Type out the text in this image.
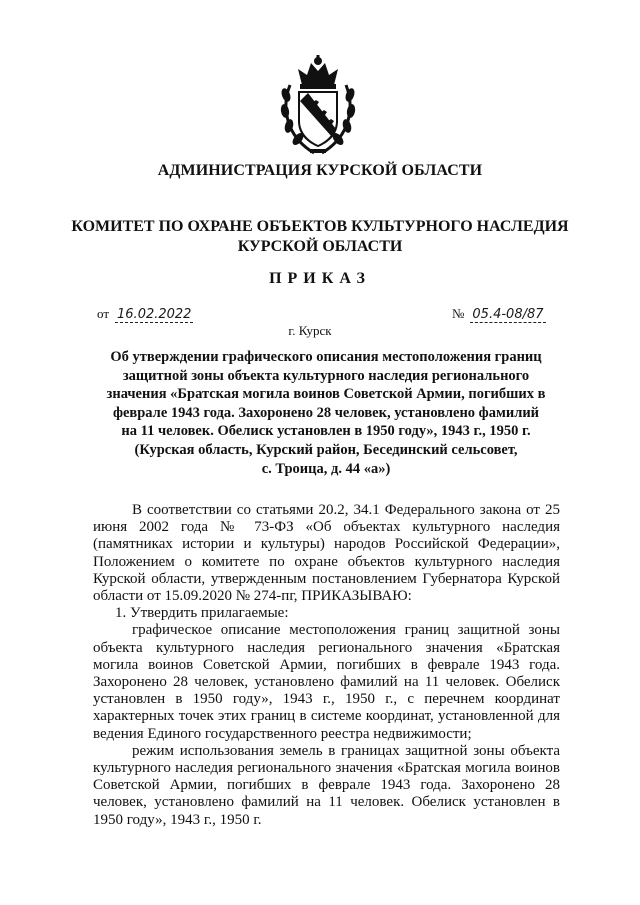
АДМИНИСТРАЦИЯ КУРСКОЙ ОБЛАСТИ
КОМИТЕТ ПО ОХРАНЕ ОБЪЕКТОВ КУЛЬТУРНОГО НАСЛЕДИЯ
КУРСКОЙ ОБЛАСТИ
ПРИКАЗ
от 16.02.2022	№ 05.4-08/87
г. Курск
Об утверждении графического описания местоположения границ
защитной зоны объекта культурного наследия регионального
значения «Братская могила воинов Советской Армии, погибших в
феврале 1943 года. Захоронено 28 человек, установлено фамилий
на 11 человек. Обелиск установлен в 1950 году», 1943 г., 1950 г.
(Курская область, Курский район, Бесединский сельсовет,
с. Троица, д. 44 «а»)

В соответствии со статьями 20.2, 34.1 Федерального закона от 25 июня 2002 года № 73-ФЗ «Об объектах культурного наследия (памятниках истории и культуры) народов Российской Федерации», Положением о комитете по охране объектов культурного наследия Курской области, утвержденным постановлением Губернатора Курской области от 15.09.2020 № 274-пг, ПРИКАЗЫВАЮ:

1. Утвердить прилагаемые:

графическое описание местоположения границ защитной зоны объекта культурного наследия регионального значения «Братская могила воинов Советской Армии, погибших в феврале 1943 года. Захоронено 28 человек, установлено фамилий на 11 человек. Обелиск установлен в 1950 году», 1943 г., 1950 г., с перечнем координат характерных точек этих границ в системе координат, установленной для ведения Единого государственного реестра недвижимости;

режим использования земель в границах защитной зоны объекта культурного наследия регионального значения «Братская могила воинов Советской Армии, погибших в феврале 1943 года. Захоронено 28 человек, установлено фамилий на 11 человек. Обелиск установлен в 1950 году», 1943 г., 1950 г.
